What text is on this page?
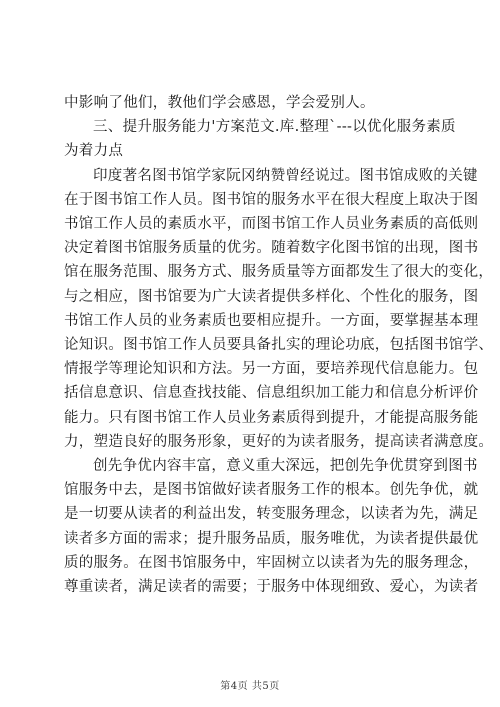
中影响了他们，教他们学会感恩，学会爱别人。
三、提升服务能力'方案范文.库.整理`---以优化服务素质
为着力点
印度著名图书馆学家阮冈纳赞曾经说过。图书馆成败的关键
在于图书馆工作人员。图书馆的服务水平在很大程度上取决于图
书馆工作人员的素质水平，而图书馆工作人员业务素质的高低则
决定着图书馆服务质量的优劣。随着数字化图书馆的出现，图书
馆在服务范围、服务方式、服务质量等方面都发生了很大的变化，
与之相应，图书馆要为广大读者提供多样化、个性化的服务，图
书馆工作人员的业务素质也要相应提升。一方面，要掌握基本理
论知识。图书馆工作人员要具备扎实的理论功底，包括图书馆学、
情报学等理论知识和方法。另一方面，要培养现代信息能力。包
括信息意识、信息查找技能、信息组织加工能力和信息分析评价
能力。只有图书馆工作人员业务素质得到提升，才能提高服务能
力，塑造良好的服务形象，更好的为读者服务，提高读者满意度。
创先争优内容丰富，意义重大深远，把创先争优贯穿到图书
馆服务中去，是图书馆做好读者服务工作的根本。创先争优，就
是一切要从读者的利益出发，转变服务理念，以读者为先，满足
读者多方面的需求；提升服务品质，服务唯优，为读者提供最优
质的服务。在图书馆服务中，牢固树立以读者为先的服务理念，
尊重读者，满足读者的需要；于服务中体现细致、爱心，为读者
第4页 共5页
